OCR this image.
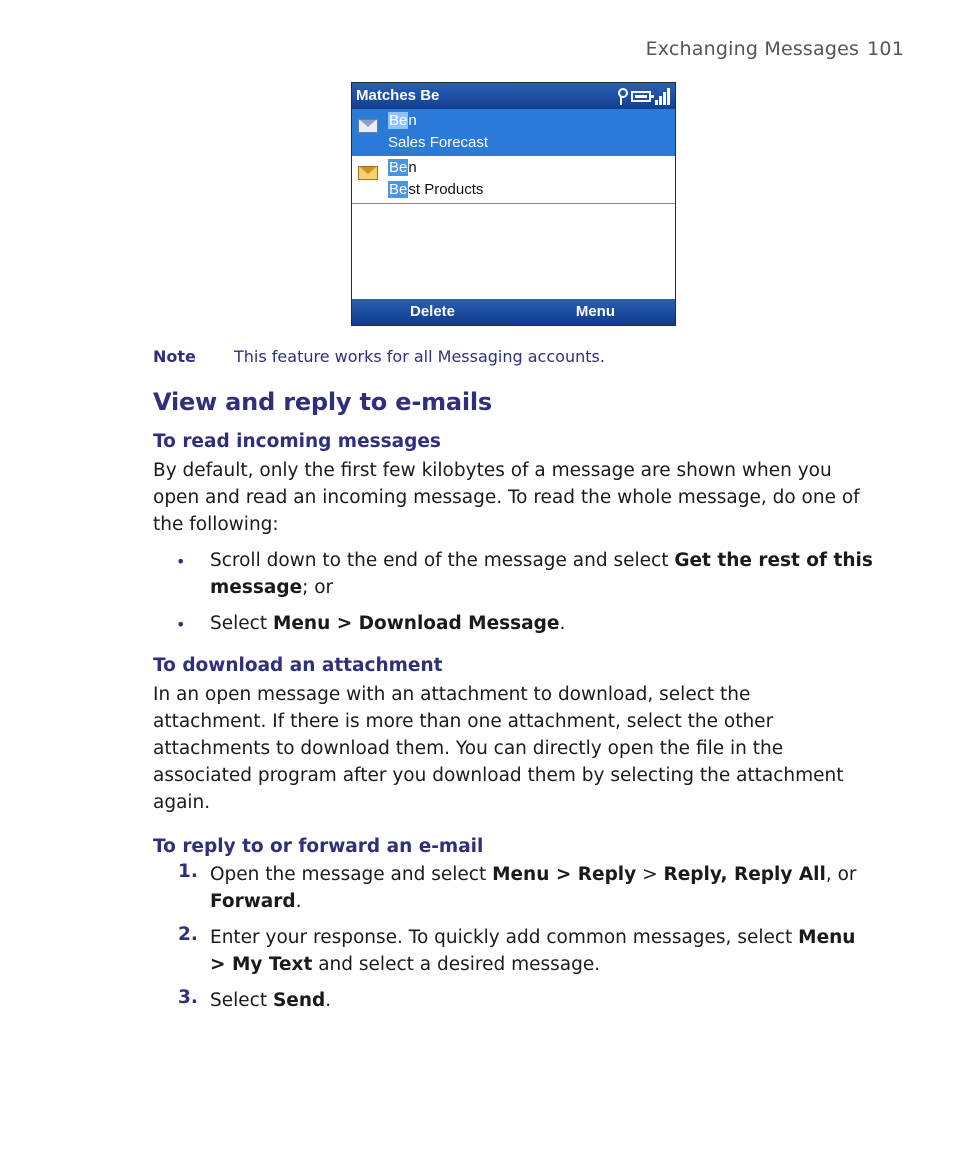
Exchanging Messages 101
Matches Be
Ben
Sales Forecast
Ben
Best Products
Delete	Menu
Note This feature works for all Messaging accounts.
View and reply to e-mails
To read incoming messages
By default, only the first few kilobytes of a message are shown when you open and read an incoming message. To read the whole message, do one of the following:
• Scroll down to the end of the message and select Get the rest of this message; or
• Select Menu > Download Message.
To download an attachment
In an open message with an attachment to download, select the attachment. If there is more than one attachment, select the other attachments to download them. You can directly open the file in the associated program after you download them by selecting the attachment again.
To reply to or forward an e-mail
1. Open the message and select Menu > Reply > Reply, Reply All, or Forward.
2. Enter your response. To quickly add common messages, select Menu > My Text and select a desired message.
3. Select Send.
